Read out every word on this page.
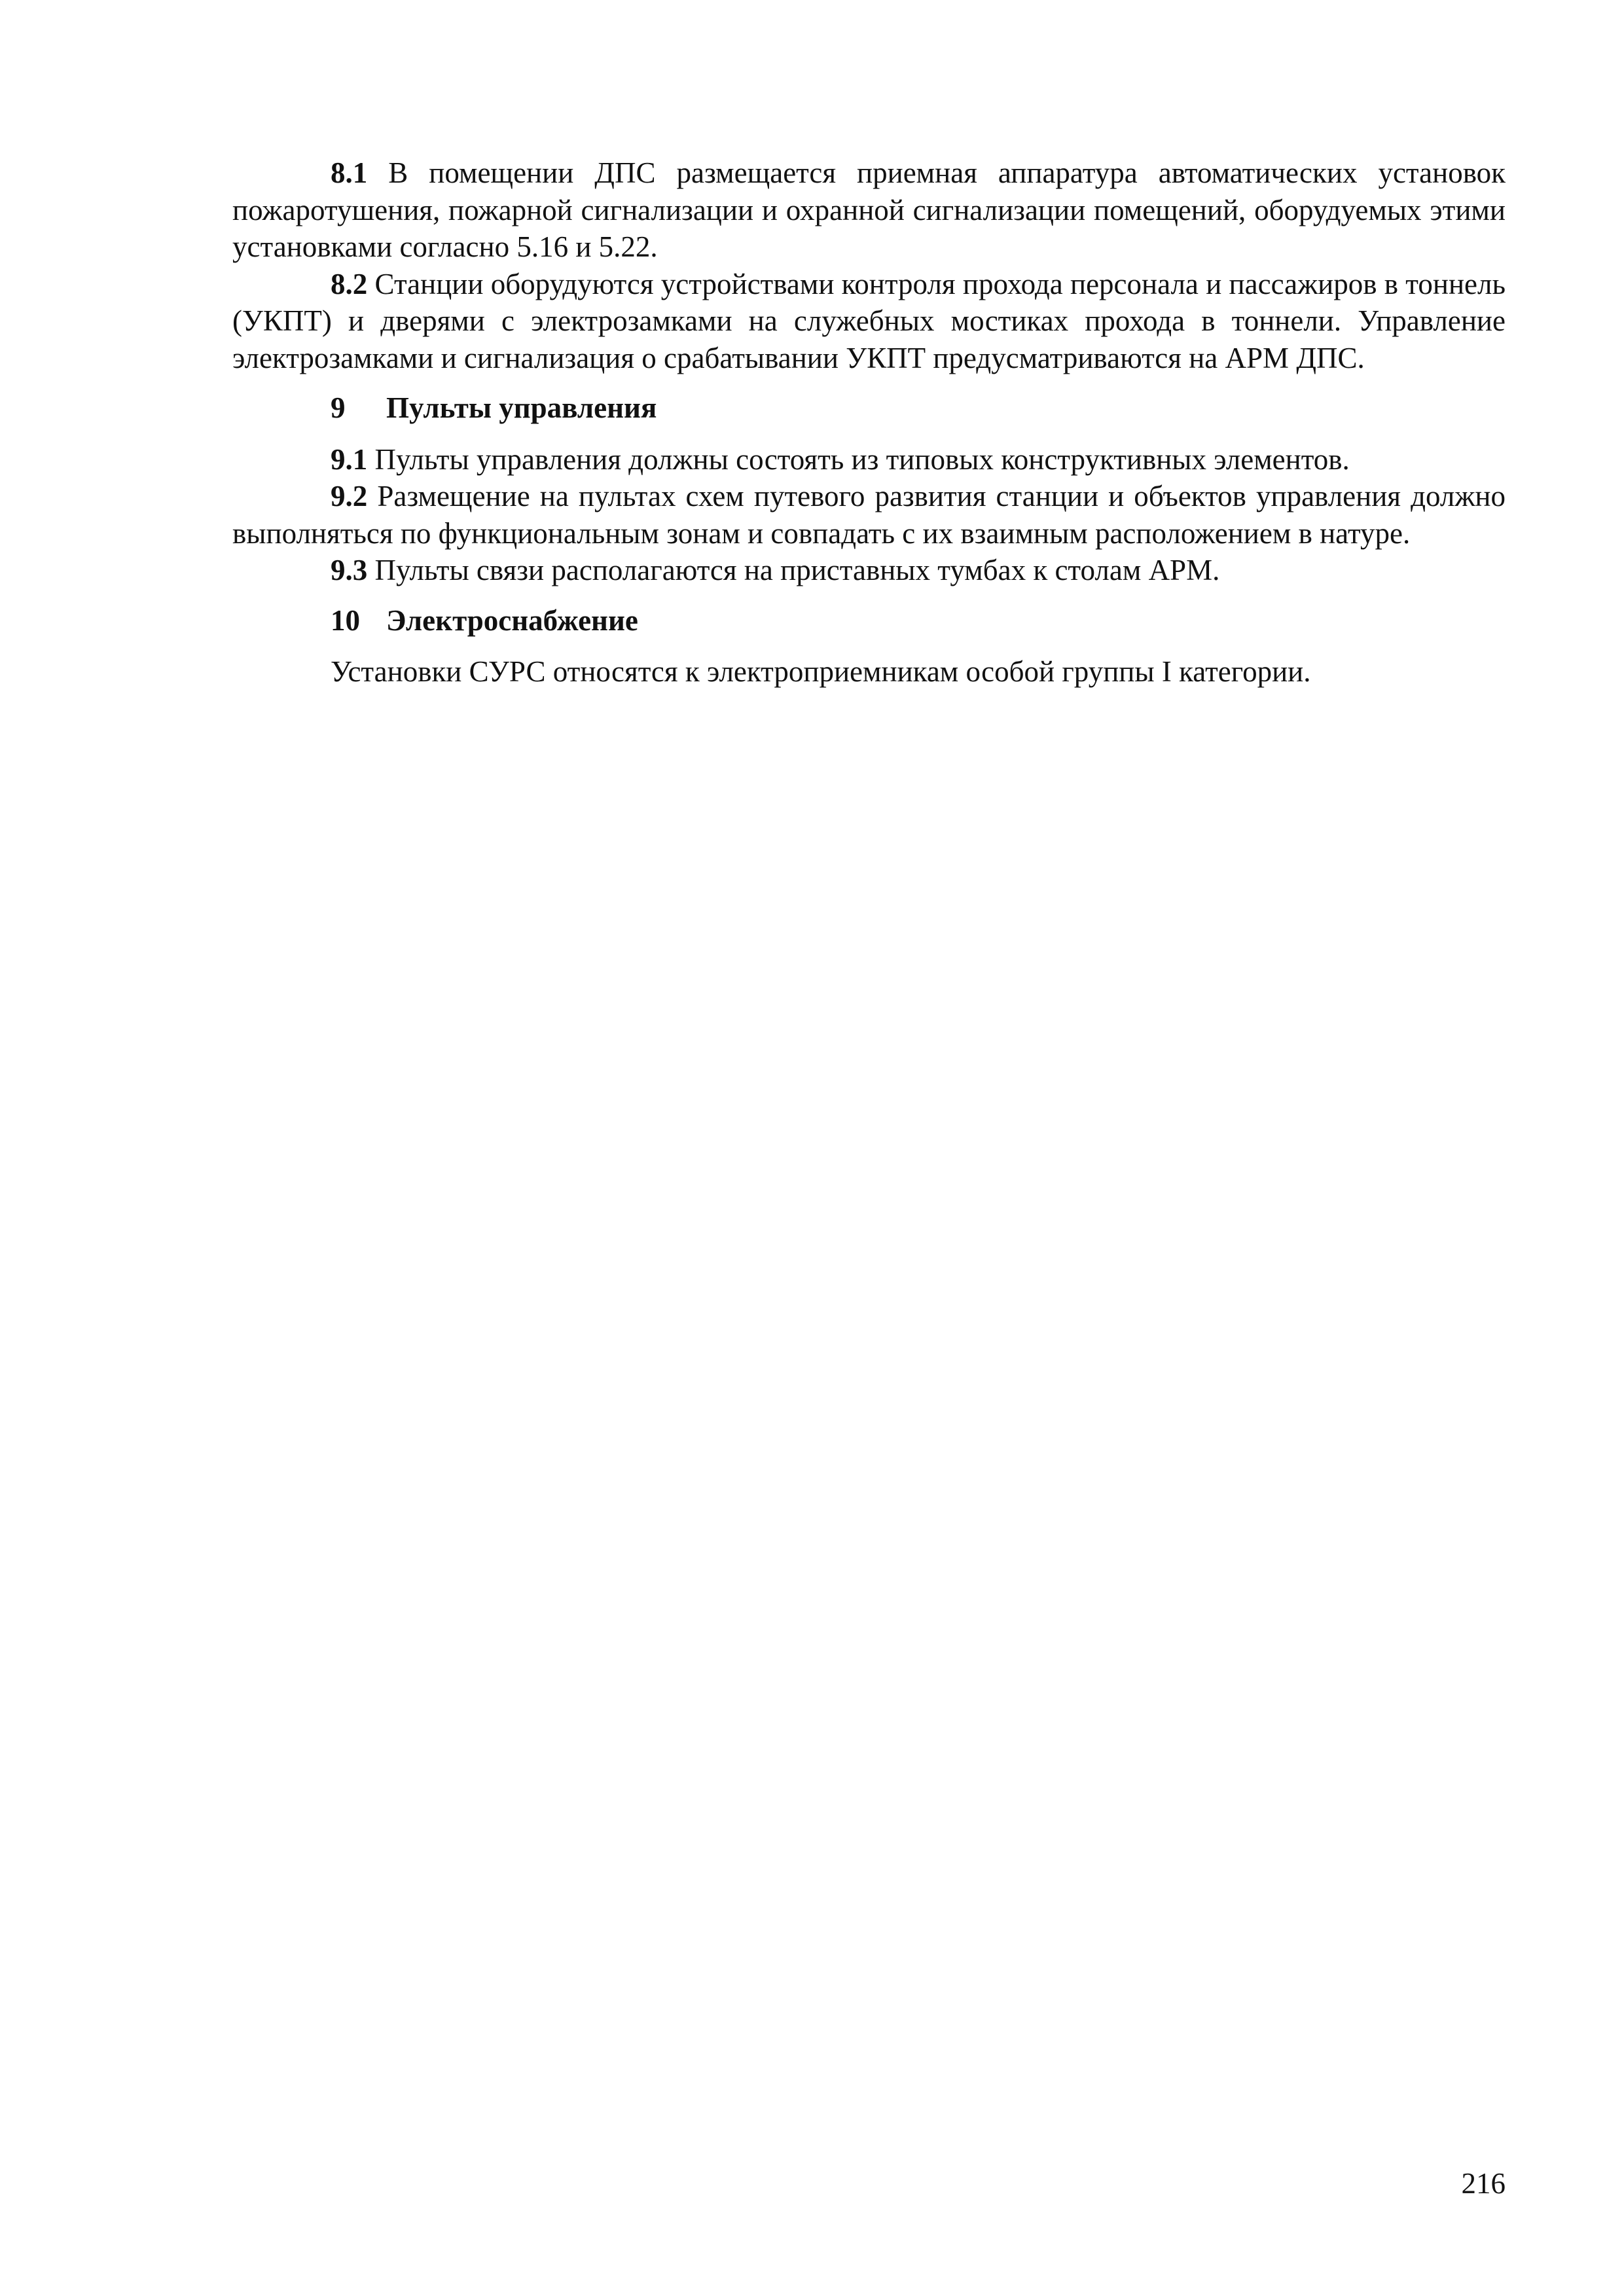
8.1 В помещении ДПС размещается приемная аппаратура автоматических установок пожаротушения, пожарной сигнализации и охранной сигнализации помещений, оборудуемых этими установками согласно 5.16 и 5.22.

8.2 Станции оборудуются устройствами контроля прохода персонала и пассажиров в тоннель (УКПТ) и дверями с электрозамками на служебных мостиках прохода в тоннели. Управление электрозамками и сигнализация о срабатывании УКПТ предусматриваются на АРМ ДПС.

9	Пульты управления

9.1 Пульты управления должны состоять из типовых конструктивных элементов.

9.2 Размещение на пультах схем путевого развития станции и объектов управления должно выполняться по функциональным зонам и совпадать с их взаимным расположением в натуре.

9.3 Пульты связи располагаются на приставных тумбах к столам АРМ.

10 Электроснабжение

Установки СУРС относятся к электроприемникам особой группы I категории.

216
